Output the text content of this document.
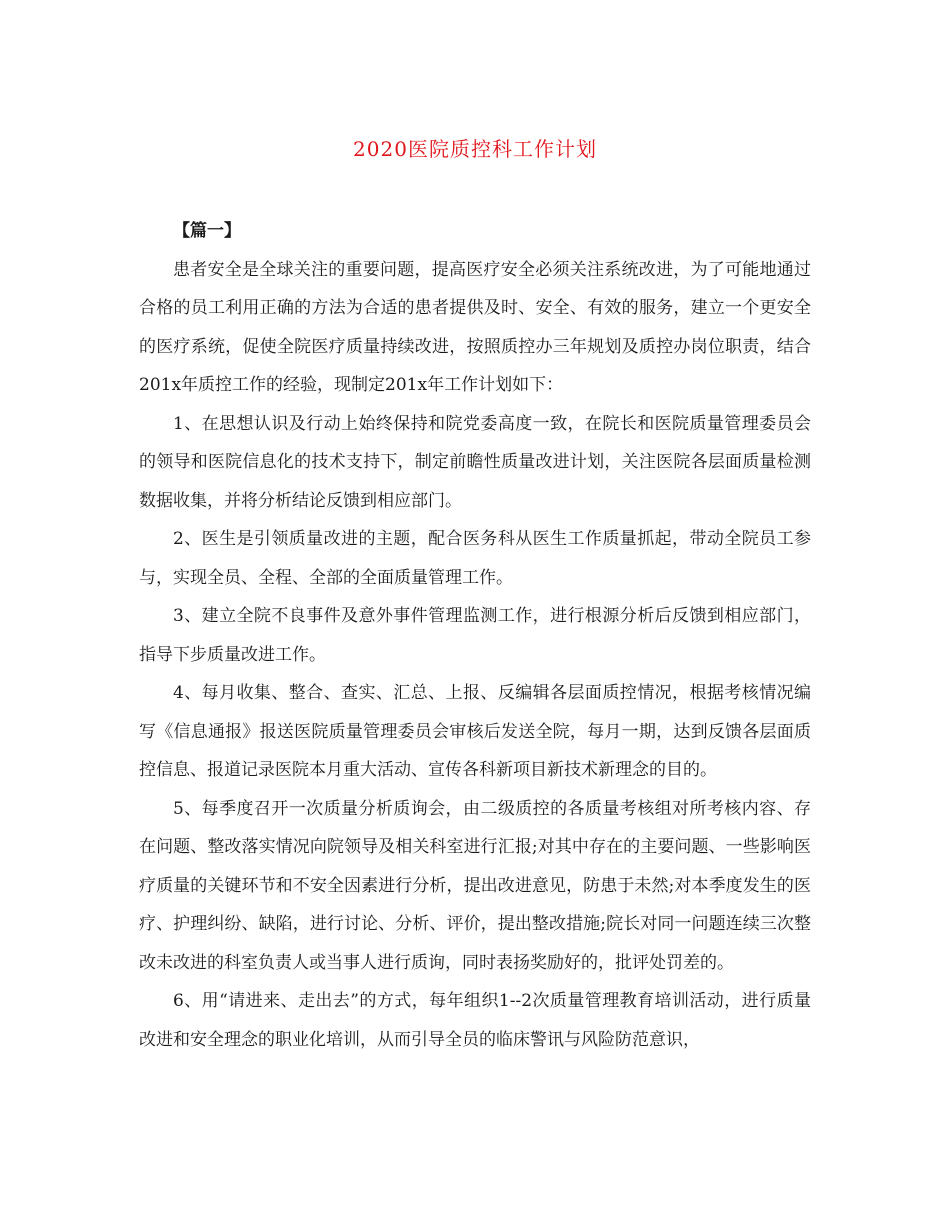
2020医院质控科工作计划

【篇一】

患者安全是全球关注的重要问题，提高医疗安全必须关注系统改进，为了可能地通过合格的员工利用正确的方法为合适的患者提供及时、安全、有效的服务，建立一个更安全的医疗系统，促使全院医疗质量持续改进，按照质控办三年规划及质控办岗位职责，结合201x年质控工作的经验，现制定201x年工作计划如下：

1、在思想认识及行动上始终保持和院党委高度一致，在院长和医院质量管理委员会的领导和医院信息化的技术支持下，制定前瞻性质量改进计划，关注医院各层面质量检测数据收集，并将分析结论反馈到相应部门。

2、医生是引领质量改进的主题，配合医务科从医生工作质量抓起，带动全院员工参与，实现全员、全程、全部的全面质量管理工作。

3、建立全院不良事件及意外事件管理监测工作，进行根源分析后反馈到相应部门，指导下步质量改进工作。

4、每月收集、整合、查实、汇总、上报、反编辑各层面质控情况，根据考核情况编写《信息通报》报送医院质量管理委员会审核后发送全院，每月一期，达到反馈各层面质控信息、报道记录医院本月重大活动、宣传各科新项目新技术新理念的目的。

5、每季度召开一次质量分析质询会，由二级质控的各质量考核组对所考核内容、存在问题、整改落实情况向院领导及相关科室进行汇报;对其中存在的主要问题、一些影响医疗质量的关键环节和不安全因素进行分析，提出改进意见，防患于未然;对本季度发生的医疗、护理纠纷、缺陷，进行讨论、分析、评价，提出整改措施;院长对同一问题连续三次整改未改进的科室负责人或当事人进行质询，同时表扬奖励好的，批评处罚差的。

6、用“请进来、走出去”的方式，每年组织1--2次质量管理教育培训活动，进行质量改进和安全理念的职业化培训，从而引导全员的临床警讯与风险防范意识，
